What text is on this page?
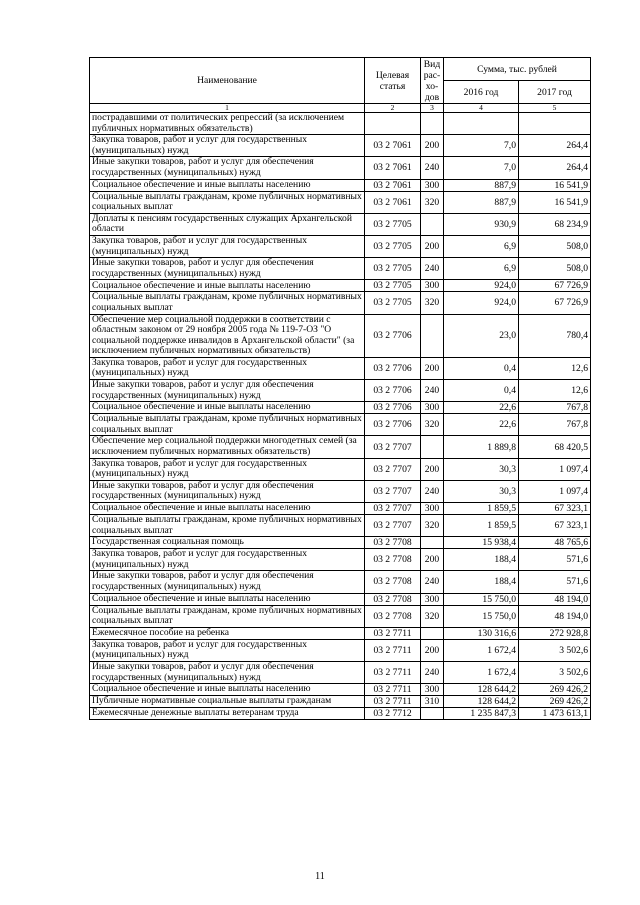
Наименование	Целевая статья	Вид рас-хо-дов	Сумма, тыс. рублей	
			2016 год	2017 год
1	2	3	4	5
пострадавшими от политических репрессий (за исключением публичных нормативных обязательств)				
Закупка товаров, работ и услуг для государственных (муниципальных) нужд	03 2 7061	200	7,0	264,4
Иные закупки товаров, работ и услуг для обеспечения государственных (муниципальных) нужд	03 2 7061	240	7,0	264,4
Социальное обеспечение и иные выплаты населению	03 2 7061	300	887,9	16 541,9
Социальные выплаты гражданам, кроме публичных нормативных социальных выплат	03 2 7061	320	887,9	16 541,9
Доплаты к пенсиям государственных служащих Архангельской области	03 2 7705		930,9	68 234,9
Закупка товаров, работ и услуг для государственных (муниципальных) нужд	03 2 7705	200	6,9	508,0
Иные закупки товаров, работ и услуг для обеспечения государственных (муниципальных) нужд	03 2 7705	240	6,9	508,0
Социальное обеспечение и иные выплаты населению	03 2 7705	300	924,0	67 726,9
Социальные выплаты гражданам, кроме публичных нормативных социальных выплат	03 2 7705	320	924,0	67 726,9
Обеспечение мер социальной поддержки в соответствии с областным законом от 29 ноября 2005 года № 119-7-ОЗ "О социальной поддержке инвалидов в Архангельской области" (за исключением публичных нормативных обязательств)	03 2 7706		23,0	780,4
Закупка товаров, работ и услуг для государственных (муниципальных) нужд	03 2 7706	200	0,4	12,6
Иные закупки товаров, работ и услуг для обеспечения государственных (муниципальных) нужд	03 2 7706	240	0,4	12,6
Социальное обеспечение и иные выплаты населению	03 2 7706	300	22,6	767,8
Социальные выплаты гражданам, кроме публичных нормативных социальных выплат	03 2 7706	320	22,6	767,8
Обеспечение мер социальной поддержки многодетных семей (за исключением публичных нормативных обязательств)	03 2 7707		1 889,8	68 420,5
Закупка товаров, работ и услуг для государственных (муниципальных) нужд	03 2 7707	200	30,3	1 097,4
Иные закупки товаров, работ и услуг для обеспечения государственных (муниципальных) нужд	03 2 7707	240	30,3	1 097,4
Социальное обеспечение и иные выплаты населению	03 2 7707	300	1 859,5	67 323,1
Социальные выплаты гражданам, кроме публичных нормативных социальных выплат	03 2 7707	320	1 859,5	67 323,1
Государственная социальная помощь	03 2 7708		15 938,4	48 765,6
Закупка товаров, работ и услуг для государственных (муниципальных) нужд	03 2 7708	200	188,4	571,6
Иные закупки товаров, работ и услуг для обеспечения государственных (муниципальных) нужд	03 2 7708	240	188,4	571,6
Социальное обеспечение и иные выплаты населению	03 2 7708	300	15 750,0	48 194,0
Социальные выплаты гражданам, кроме публичных нормативных социальных выплат	03 2 7708	320	15 750,0	48 194,0
Ежемесячное пособие на ребенка	03 2 7711		130 316,6	272 928,8
Закупка товаров, работ и услуг для государственных (муниципальных) нужд	03 2 7711	200	1 672,4	3 502,6
Иные закупки товаров, работ и услуг для обеспечения государственных (муниципальных) нужд	03 2 7711	240	1 672,4	3 502,6
Социальное обеспечение и иные выплаты населению	03 2 7711	300	128 644,2	269 426,2
Публичные нормативные социальные выплаты гражданам	03 2 7711	310	128 644,2	269 426,2
Ежемесячные денежные выплаты ветеранам труда	03 2 7712		1 235 847,3	1 473 613,1
11
